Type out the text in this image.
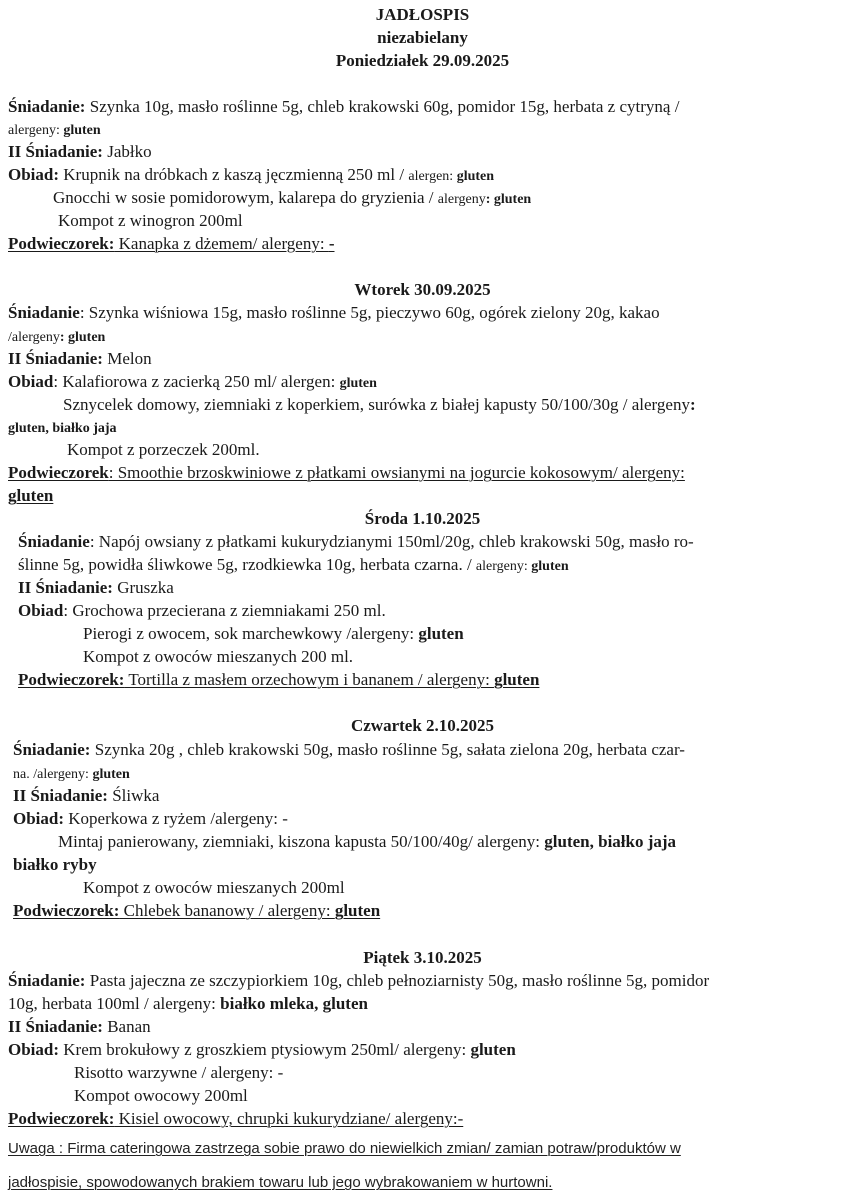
JADŁOSPIS
niezabielany
Poniedziałek 29.09.2025
Śniadanie: Szynka 10g, masło roślinne 5g, chleb krakowski 60g, pomidor 15g, herbata z cytryną /
alergeny: gluten
II Śniadanie: Jabłko
Obiad: Krupnik na dróbkach z kaszą jęczmienną 250 ml / alergen: gluten
Gnocchi w sosie pomidorowym, kalarepa do gryzienia / alergeny: gluten
Kompot z winogron 200ml
Podwieczorek: Kanapka z dżemem/ alergeny: -
Wtorek 30.09.2025
Śniadanie: Szynka wiśniowa 15g, masło roślinne 5g, pieczywo 60g, ogórek zielony 20g, kakao
/alergeny: gluten
II Śniadanie: Melon
Obiad: Kalafiorowa z zacierką 250 ml/ alergen: gluten
Sznycelek domowy, ziemniaki z koperkiem, surówka z białej kapusty 50/100/30g / alergeny:
gluten, białko jaja
Kompot z porzeczek 200ml.
Podwieczorek: Smoothie brzoskwiniowe z płatkami owsianymi na jogurcie kokosowym/ alergeny:
gluten
Środa 1.10.2025
Śniadanie: Napój owsiany z płatkami kukurydzianymi 150ml/20g, chleb krakowski 50g, masło ro-
ślinne 5g, powidła śliwkowe 5g, rzodkiewka 10g, herbata czarna. / alergeny: gluten
II Śniadanie: Gruszka
Obiad: Grochowa przecierana z ziemniakami 250 ml.
Pierogi z owocem, sok marchewkowy /alergeny: gluten
Kompot z owoców mieszanych 200 ml.
Podwieczorek: Tortilla z masłem orzechowym i bananem / alergeny: gluten
Czwartek 2.10.2025
Śniadanie: Szynka 20g , chleb krakowski 50g, masło roślinne 5g, sałata zielona 20g, herbata czar-
na. /alergeny: gluten
II Śniadanie: Śliwka
Obiad: Koperkowa z ryżem /alergeny: -
Mintaj panierowany, ziemniaki, kiszona kapusta 50/100/40g/ alergeny: gluten, białko jaja
białko ryby
Kompot z owoców mieszanych 200ml
Podwieczorek: Chlebek bananowy / alergeny: gluten
Piątek 3.10.2025
Śniadanie: Pasta jajeczna ze szczypiorkiem 10g, chleb pełnoziarnisty 50g, masło roślinne 5g, pomidor
10g, herbata 100ml / alergeny: białko mleka, gluten
II Śniadanie: Banan
Obiad: Krem brokułowy z groszkiem ptysiowym 250ml/ alergeny: gluten
Risotto warzywne / alergeny: -
Kompot owocowy 200ml
Podwieczorek: Kisiel owocowy, chrupki kukurydziane/ alergeny:-
Uwaga : Firma cateringowa zastrzega sobie prawo do niewielkich zmian/ zamian potraw/produktów w
jadłospisie, spowodowanych brakiem towaru lub jego wybrakowaniem w hurtowni.
